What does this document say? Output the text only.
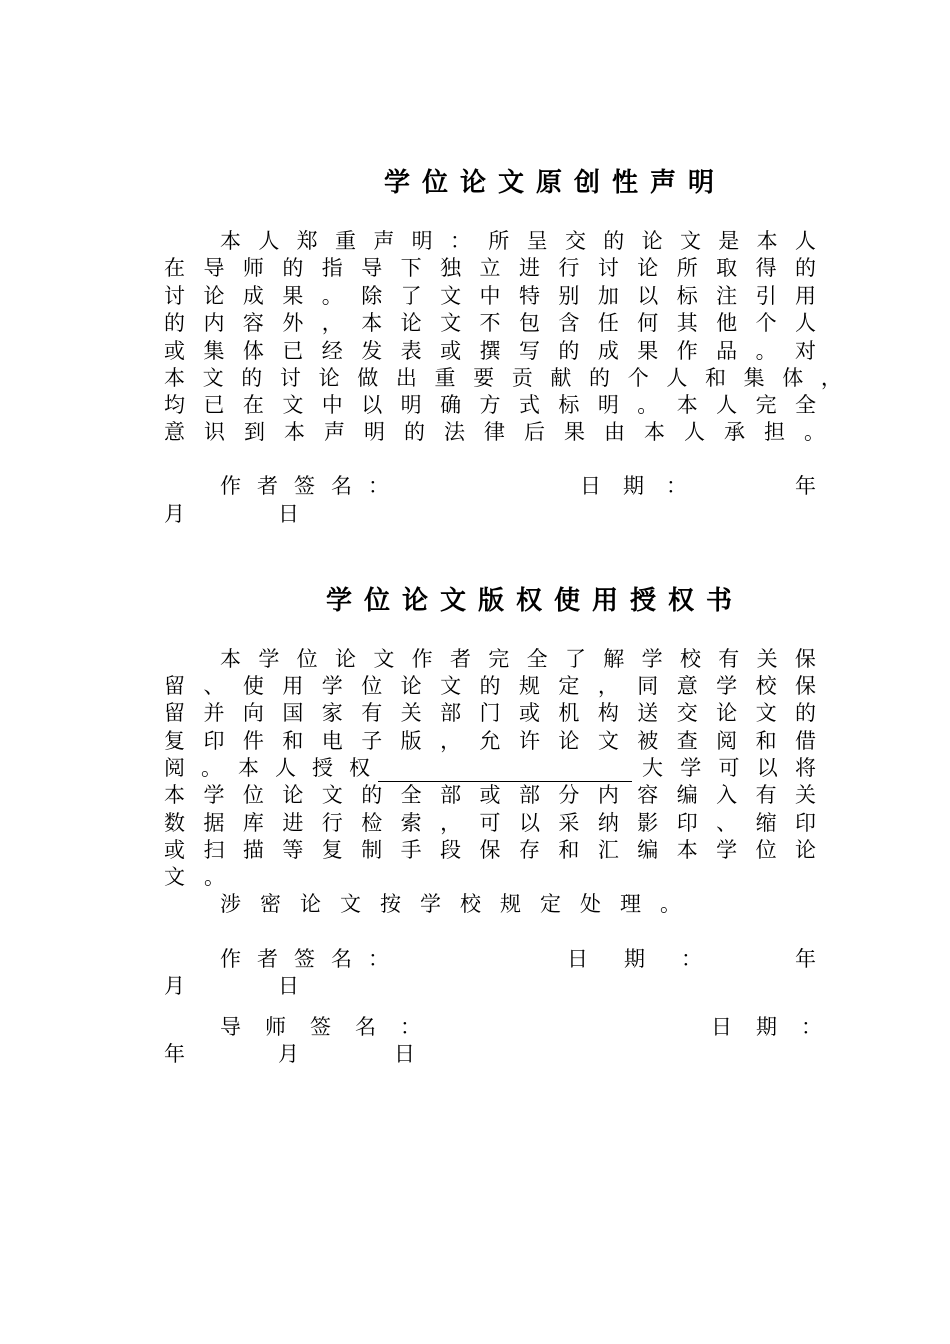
学位论文原创性声明
本 人 郑 重 声 明 ： 所 呈 交 的 论 文 是 本 人
在 导 师 的 指 导 下 独 立 进 行 讨 论 所 取 得 的
讨 论 成 果 。 除 了 文 中 特 别 加 以 标 注 引 用
的 内 容 外 ， 本 论 文 不 包 含 任 何 其 他 个 人
或 集 体 已 经 发 表 或 撰 写 的 成 果 作 品 。 对
本 文 的 讨 论 做 出 重 要 贡 献 的 个 人 和 集 体 ，
均 已 在 文 中 以 明 确 方 式 标 明 。 本 人 完 全
意识到本声明的法律后果由本人承担。
作者签名：	日期：	年
月	日
学位论文版权使用授权书
本 学 位 论 文 作 者 完 全 了 解 学 校 有 关 保
留 、 使 用 学 位 论 文 的 规 定 ， 同 意 学 校 保
留 并 向 国 家 有 关 部 门 或 机 构 送 交 论 文 的
复 印 件 和 电 子 版 ， 允 许 论 文 被 查 阅 和 借
阅 。 本 人 授 权	大 学 可 以 将
本 学 位 论 文 的 全 部 或 部 分 内 容 编 入 有 关
数 据 库 进 行 检 索 ， 可 以 采 纳 影 印 、 缩 印
或 扫 描 等 复 制 手 段 保 存 和 汇 编 本 学 位 论
文。
涉密论文按学校规定处理。
作者签名：	日期：	年
月	日
导师签名：	日期：
年	月	日
